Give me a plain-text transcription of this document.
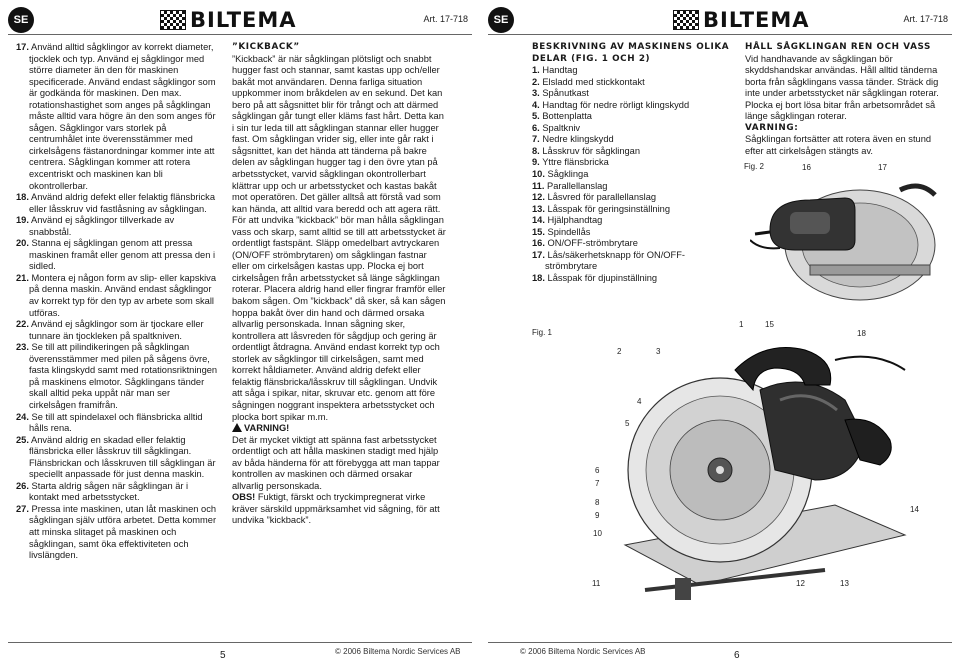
SE	BILTEMA	Art. 17-718
17. Använd alltid sågklingor av korrekt diameter, tjocklek och typ. Använd ej sågklingor med större diameter än den för maskinen specificerade. Använd endast sågklingor som är godkända för maskinen. Den max. rotationshastighet som anges på sågklingan måste alltid vara högre än den som anges för sågen. Sågklingor vars storlek på centrumhålet inte överensstämmer med cirkelsågens fästanordningar kommer inte att centrera. Sågklingan kommer att rotera excentriskt och maskinen kan bli okontrollerbar.
18. Använd aldrig defekt eller felaktig flänsbricka eller låsskruv vid fastlåsning av sågklingan.
19. Använd ej sågklingor tillverkade av snabbstål.
20. Stanna ej sågklingan genom att pressa maskinen framåt eller genom att pressa den i sidled.
21. Montera ej någon form av slip- eller kapskiva på denna maskin. Använd endast sågklingor av korrekt typ för den typ av arbete som skall utföras.
22. Använd ej sågklingor som är tjockare eller tunnare än tjockleken på spaltkniven.
23. Se till att pilindikeringen på sågklingan överensstämmer med pilen på sågens övre, fasta klingskydd samt med rotationsriktningen på maskinens elmotor. Sågklingans tänder skall alltid peka uppåt när man ser cirkelsågen framifrån.
24. Se till att spindelaxel och flänsbricka alltid hålls rena.
25. Använd aldrig en skadad eller felaktig flänsbricka eller låsskruv till sågklingan. Flänsbrickan och låsskruven till sågklingan är speciellt anpassade för just denna maskin.
26. Starta aldrig sågen när sågklingan är i kontakt med arbetsstycket.
27. Pressa inte maskinen, utan låt maskinen och sågklingan själv utföra arbetet. Detta kommer att minska slitaget på maskinen och sågklingan, samt öka effektiviteten och livslängden.

”KICKBACK”

”Kickback” är när sågklingan plötsligt och snabbt hugger fast och stannar, samt kastas upp och/eller bakåt mot användaren. Denna farliga situation uppkommer inom bråkdelen av en sekund. Det kan bero på att sågsnittet blir för trångt och att därmed sågklingan går tungt eller kläms fast hårt. Detta kan i sin tur leda till att sågklingan stannar eller hugger fast. Om sågklingan vrider sig, eller inte går rakt i sågsnittet, kan det hända att tänderna på bakre delen av sågklingan hugger tag i den övre ytan på arbetsstycket, varvid sågklingan okontrollerbart klättrar upp och ur arbetsstycket och kastas bakåt mot operatören. Det gäller alltså att förstå vad som kan hända, att alltid vara beredd och att agera rätt.

För att undvika ”kickback” bör man hålla sågklingan vass och skarp, samt alltid se till att arbetsstycket är ordentligt fastspänt. Släpp omedelbart avtryckaren (ON/OFF strömbrytaren) om sågklingan fastnar eller om cirkelsågen kastas upp. Plocka ej bort cirkelsågen från arbetsstycket så länge sågklingan roterar. Placera aldrig hand eller fingrar framför eller bakom sågen. Om ”kickback” då sker, så kan sågen hoppa bakåt över din hand och därmed orsaka allvarlig personskada. Innan sågning sker, kontrollera att låsvreden för sågdjup och gering är ordentligt åtdragna. Använd endast korrekt typ och storlek av sågklingor till cirkelsågen, samt med korrekt håldiameter. Använd aldrig defekt eller felaktig flänsbricka/låsskruv till sågklingan. Undvik att såga i spikar, nitar, skruvar etc. genom att före sågningen noggrant inspektera arbetsstycket och plocka bort spikar m.m.

VARNING!

Det är mycket viktigt att spänna fast arbetsstycket ordentligt och att hålla maskinen stadigt med hjälp av båda händerna för att förebygga att man tappar kontrollen av maskinen och därmed orsakar allvarlig personskada.

OBS! Fuktigt, färskt och tryckimpregnerat virke kräver särskild uppmärksamhet vid sågning, för att undvika ”kickback”.

5	© 2006 Biltema Nordic Services AB
SE	BILTEMA	Art. 17-718

BESKRIVNING AV MASKINENS OLIKA DELAR (FIG. 1 OCH 2)

1. Handtag
2. Elsladd med stickkontakt
3. Spånutkast
4. Handtag för nedre rörligt klingskydd
5. Bottenplatta
6. Spaltkniv
7. Nedre klingskydd
8. Låsskruv för sågklingan
9. Yttre flänsbricka
10. Sågklinga
11. Parallellanslag
12. Låsvred för parallellanslag
13. Låsspak för geringsinställning
14. Hjälphandtag
15. Spindellås
16. ON/OFF-strömbrytare
17. Lås/säkerhetsknapp för ON/OFF-strömbrytare
18. Låsspak för djupinställning

HÅLL SÅGKLINGAN REN OCH VASS

Vid handhavande av sågklingan bör skyddshandskar användas. Håll alltid tänderna borta från sågklingans vassa tänder. Sträck dig inte under arbetsstycket när sågklingan roterar. Plocka ej bort lösa bitar från arbetsområdet så länge sågklingan roterar.

VARNING:

Sågklingan fortsätter att rotera även en stund efter att cirkelsågen stängts av.

Fig. 2	16	17
Fig. 1
1	15
18
2	3
4
5
6
7
8
9
10
14
11	12	13
© 2006 Biltema Nordic Services AB	6
